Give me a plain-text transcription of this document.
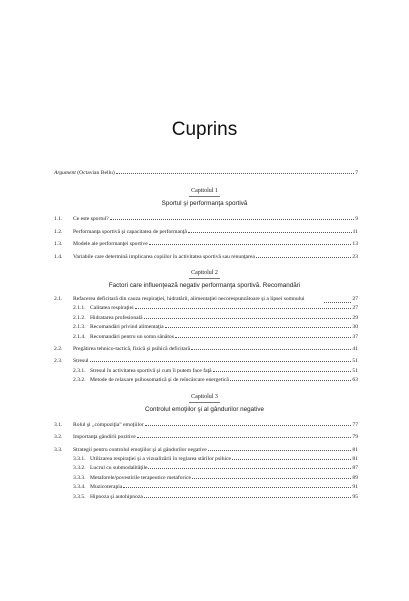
Cuprins
Argument (Octavian Bellu)	7
Capitolul 1
Sportul şi performanţa sportivă
1.1.	Ce este sportul?	9
1.2.	Performanţa sportivă şi capacitatea de performanţă	11
1.3.	Modele ale performanţei sportive	13
1.4.	Variabile care determină implicarea copiilor în activitatea sportivă sau renunţarea	23
Capitolul 2
Factori care influenţează negativ performanţa sportivă. Recomandări
2.1.	Refacerea deficitară din cauza respiraţiei, hidratării, alimentaţiei necorespunzătoare şi a lipsei somnului	27
2.1.1. Calitatea respiraţiei	27
2.1.2. Hidratarea profesională	29
2.1.3. Recomandări privind alimentaţia	30
2.1.4. Recomandări pentru un somn sănătos	37
2.2.	Pregătirea tehnico-tactică, fizică şi psihică deficitară	41
2.3.	Stresul	51
2.3.1. Stresul în activitatea sportivă şi cum îi putem face faţă	51
2.3.2. Metode de relaxare psihosomatică şi de reîncărcare energetică	63
Capitolul 3
Controlul emoţiilor şi al gândurilor negative
3.1.	Rolul şi „compoziţia” emoţiilor	77
3.2.	Importanţa gândirii pozitive	79
3.3.	Strategii pentru controlul emoţiilor şi al gândurilor negative	81
3.3.1. Utilizarea respiraţiei şi a vizualizării în reglarea stărilor psihice	81
3.3.2. Lucrul cu submodalităţile	87
3.3.3. Metaforele/povestirile terapeutice metaforice	89
3.3.4. Muzicoterapia	91
3.3.5. Hipnoza şi autohipnoza	95
